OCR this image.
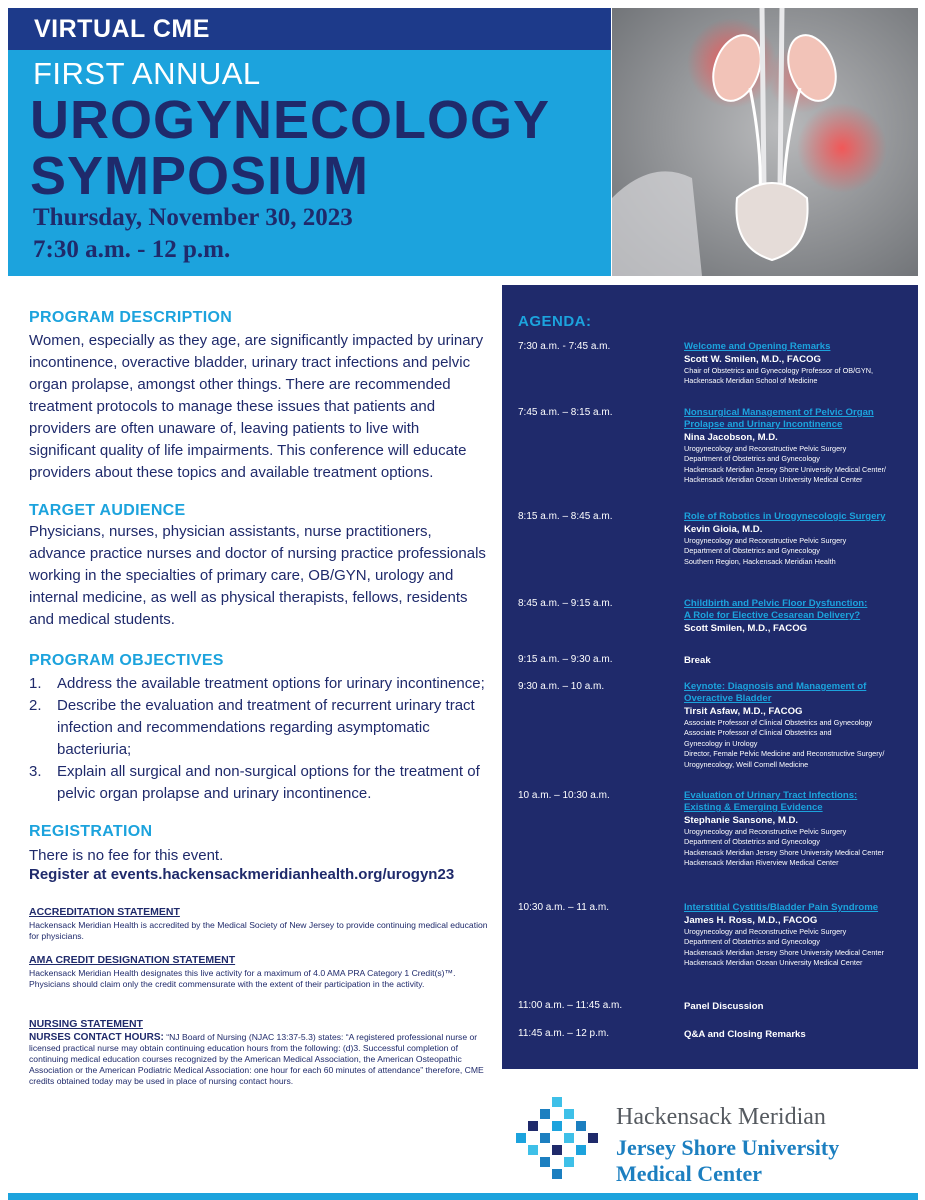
VIRTUAL CME
FIRST ANNUAL
UROGYNECOLOGY
SYMPOSIUM
Thursday, November 30, 2023
7:30 a.m. - 12 p.m.
PROGRAM DESCRIPTION
Women, especially as they age, are significantly impacted by urinary incontinence, overactive bladder, urinary tract infections and pelvic organ prolapse, amongst other things. There are recommended treatment protocols to manage these issues that patients and providers are often unaware of, leaving patients to live with significant quality of life impairments. This conference will educate providers about these topics and available treatment options.
TARGET AUDIENCE
Physicians, nurses, physician assistants, nurse practitioners, advance practice nurses and doctor of nursing practice professionals working in the specialties of primary care, OB/GYN, urology and internal medicine, as well as physical therapists, fellows, residents and medical students.
PROGRAM OBJECTIVES
1.	Address the available treatment options for urinary incontinence;
2.	Describe the evaluation and treatment of recurrent urinary tract infection and recommendations regarding asymptomatic bacteriuria;
3.	Explain all surgical and non-surgical options for the treatment of pelvic organ prolapse and urinary incontinence.
REGISTRATION
There is no fee for this event.
Register at events.hackensackmeridianhealth.org/urogyn23
ACCREDITATION STATEMENT
Hackensack Meridian Health is accredited by the Medical Society of New Jersey to provide continuing medical education for physicians.
AMA CREDIT DESIGNATION STATEMENT
Hackensack Meridian Health designates this live activity for a maximum of 4.0 AMA PRA Category 1 Credit(s)™. Physicians should claim only the credit commensurate with the extent of their participation in the activity.
NURSING STATEMENT
NURSES CONTACT HOURS: “NJ Board of Nursing (NJAC 13:37-5.3) states: “A registered professional nurse or licensed practical nurse may obtain continuing education hours from the following: (d)3. Successful completion of continuing medical education courses recognized by the American Medical Association, the American Osteopathic Association or the American Podiatric Medical Association: one hour for each 60 minutes of attendance” therefore, CME credits obtained today may be used in place of nursing contact hours.
AGENDA:
7:30 a.m. - 7:45 a.m.	Welcome and Opening Remarks
Scott W. Smilen, M.D., FACOG
Chair of Obstetrics and Gynecology Professor of OB/GYN,
Hackensack Meridian School of Medicine
7:45 a.m. – 8:15 a.m.	Nonsurgical Management of Pelvic Organ
Prolapse and Urinary Incontinence
Nina Jacobson, M.D.
Urogynecology and Reconstructive Pelvic Surgery
Department of Obstetrics and Gynecology
Hackensack Meridian Jersey Shore University Medical Center/
Hackensack Meridian Ocean University Medical Center
8:15 a.m. – 8:45 a.m.	Role of Robotics in Urogynecologic Surgery
Kevin Gioia, M.D.
Urogynecology and Reconstructive Pelvic Surgery
Department of Obstetrics and Gynecology
Southern Region, Hackensack Meridian Health
8:45 a.m. – 9:15 a.m.	Childbirth and Pelvic Floor Dysfunction:
A Role for Elective Cesarean Delivery?
Scott Smilen, M.D., FACOG
9:15 a.m. – 9:30 a.m.	Break
9:30 a.m. – 10 a.m.	Keynote: Diagnosis and Management of
Overactive Bladder
Tirsit Asfaw, M.D., FACOG
Associate Professor of Clinical Obstetrics and Gynecology
Associate Professor of Clinical Obstetrics and
Gynecology in Urology
Director, Female Pelvic Medicine and Reconstructive Surgery/
Urogynecology, Weill Cornell Medicine
10 a.m. – 10:30 a.m.	Evaluation of Urinary Tract Infections:
Existing & Emerging Evidence
Stephanie Sansone, M.D.
Urogynecology and Reconstructive Pelvic Surgery
Department of Obstetrics and Gynecology
Hackensack Meridian Jersey Shore University Medical Center
Hackensack Meridian Riverview Medical Center
10:30 a.m. – 11 a.m.	Interstitial Cystitis/Bladder Pain Syndrome
James H. Ross, M.D., FACOG
Urogynecology and Reconstructive Pelvic Surgery
Department of Obstetrics and Gynecology
Hackensack Meridian Jersey Shore University Medical Center
Hackensack Meridian Ocean University Medical Center
11:00 a.m. – 11:45 a.m.	Panel Discussion
11:45 a.m. – 12 p.m.	Q&A and Closing Remarks
Hackensack Meridian
Jersey Shore University
Medical Center
